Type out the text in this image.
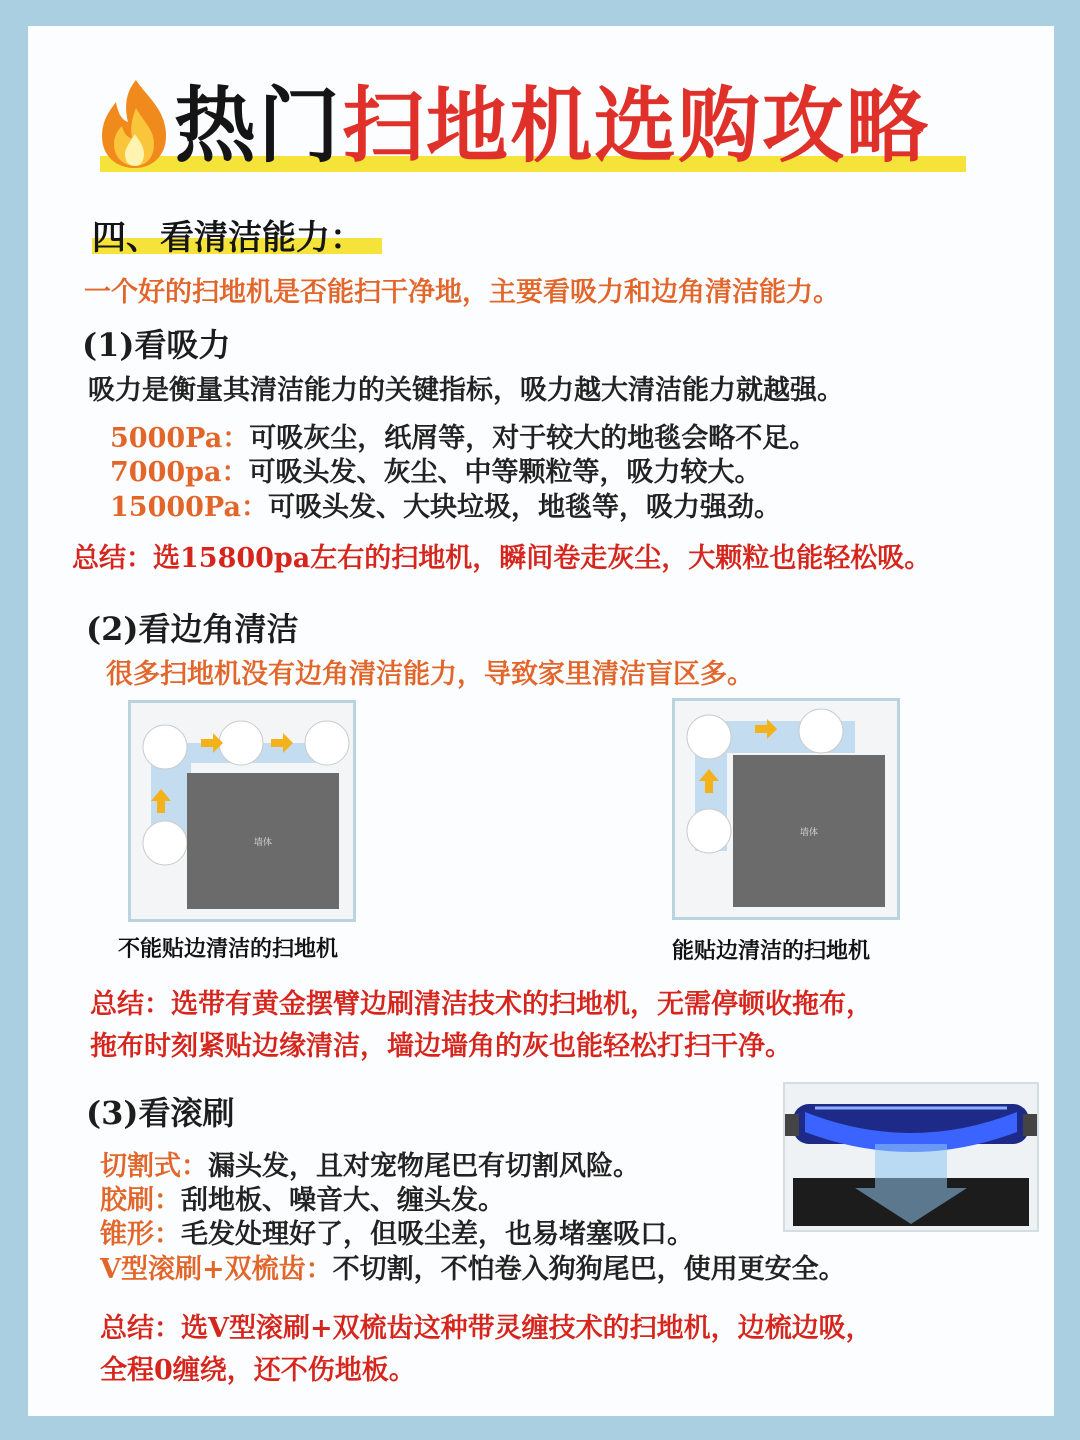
热门扫地机选购攻略
四、看清洁能力：
一个好的扫地机是否能扫干净地，主要看吸力和边角清洁能力。
(1)看吸力
吸力是衡量其清洁能力的关键指标，吸力越大清洁能力就越强。
5000Pa：可吸灰尘，纸屑等，对于较大的地毯会略不足。
7000pa：可吸头发、灰尘、中等颗粒等，吸力较大。
15000Pa：可吸头发、大块垃圾，地毯等，吸力强劲。
总结：选15800pa左右的扫地机，瞬间卷走灰尘，大颗粒也能轻松吸。
(2)看边角清洁
很多扫地机没有边角清洁能力，导致家里清洁盲区多。
墙体
不能贴边清洁的扫地机
墙体
能贴边清洁的扫地机
总结：选带有黄金摆臂边刷清洁技术的扫地机，无需停顿收拖布，
拖布时刻紧贴边缘清洁，墙边墙角的灰也能轻松打扫干净。
(3)看滚刷
切割式：漏头发，且对宠物尾巴有切割风险。
胶刷：刮地板、噪音大、缠头发。
锥形：毛发处理好了，但吸尘差，也易堵塞吸口。
V型滚刷+双梳齿：不切割，不怕卷入狗狗尾巴，使用更安全。
总结：选V型滚刷+双梳齿这种带灵缠技术的扫地机，边梳边吸，
全程0缠绕，还不伤地板。
